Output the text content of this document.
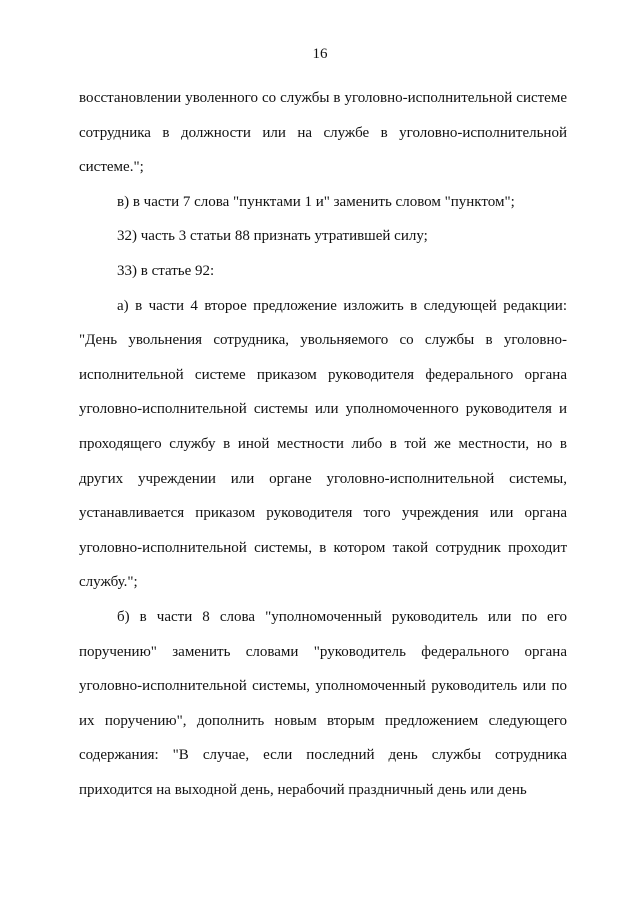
16

восстановлении уволенного со службы в уголовно-исполнительной системе сотрудника в должности или на службе в уголовно-исполнительной системе.";

в) в части 7 слова "пунктами 1 и" заменить словом "пунктом";

32) часть 3 статьи 88 признать утратившей силу;

33) в статье 92:

а) в части 4 второе предложение изложить в следующей редакции: "День увольнения сотрудника, увольняемого со службы в уголовно-исполнительной системе приказом руководителя федерального органа уголовно-исполнительной системы или уполномоченного руководителя и проходящего службу в иной местности либо в той же местности, но в других учреждении или органе уголовно-исполнительной системы, устанавливается приказом руководителя того учреждения или органа уголовно-исполнительной системы, в котором такой сотрудник проходит службу.";

б) в части 8 слова "уполномоченный руководитель или по его поручению" заменить словами "руководитель федерального органа уголовно-исполнительной системы, уполномоченный руководитель или по их поручению", дополнить новым вторым предложением следующего содержания: "В случае, если последний день службы сотрудника приходится на выходной день, нерабочий праздничный день или день
